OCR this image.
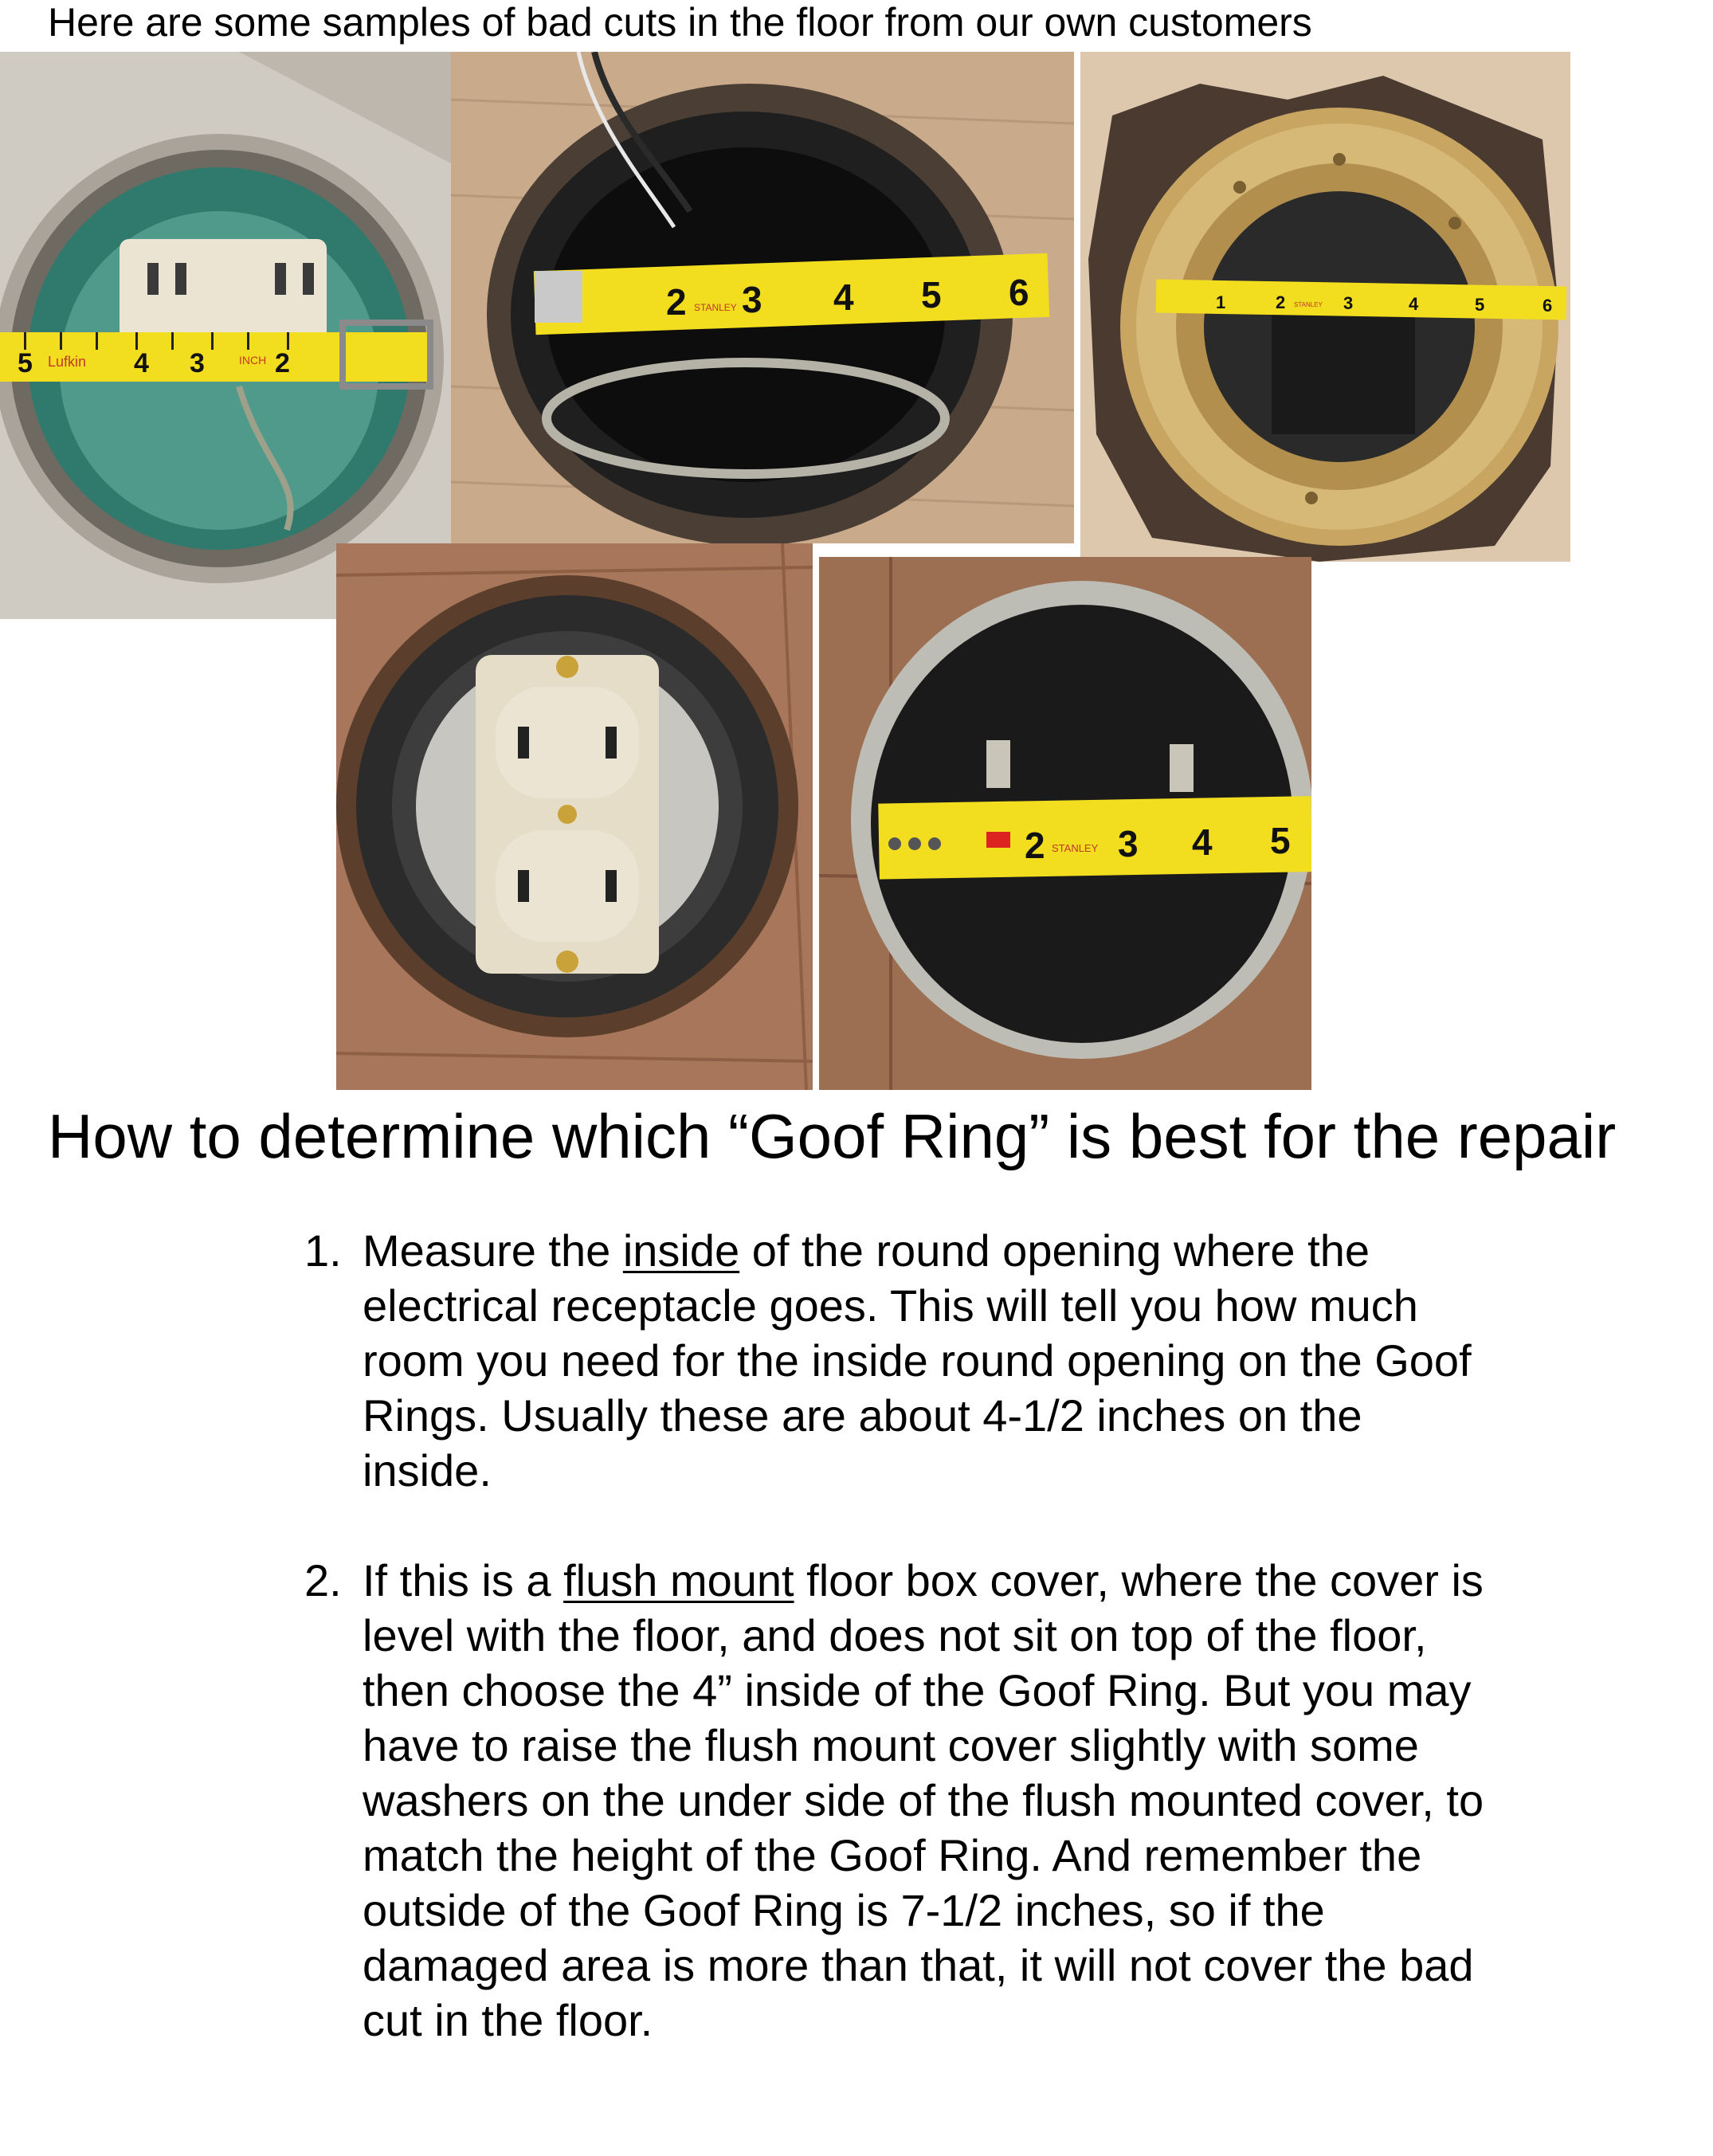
Here are some samples of bad cuts in the floor from our own customers
5	4 3	2
Lufkin	INCH
2 3 4 5 6
STANLEY	1	2	3	4	5	6
STANLEY
2 3 4 5
STANLEY
How to determine which “Goof Ring” is best for the repair
1. Measure the inside of the round opening where the electrical receptacle goes. This will tell you how much room you need for the inside round opening on the Goof Rings. Usually these are about 4-1/2 inches on the inside.
2. If this is a flush mount floor box cover, where the cover is level with the floor, and does not sit on top of the floor, then choose the 4” inside of the Goof Ring. But you may have to raise the flush mount cover slightly with some washers on the under side of the flush mounted cover, to match the height of the Goof Ring. And remember the outside of the Goof Ring is 7-1/2 inches, so if the damaged area is more than that, it will not cover the bad cut in the floor.
